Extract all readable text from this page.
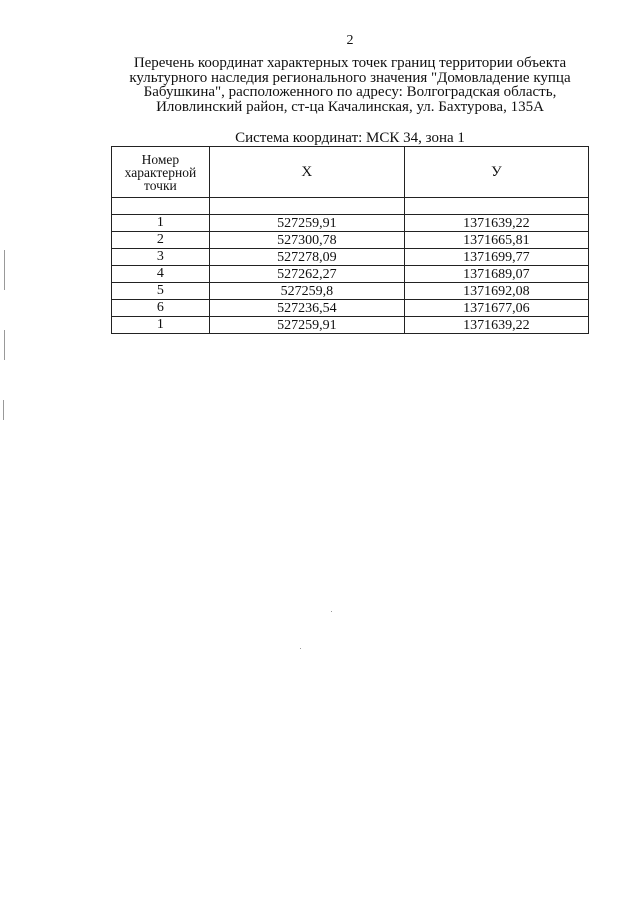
2
Перечень координат характерных точек границ территории объекта
культурного наследия регионального значения "Домовладение купца
Бабушкина", расположенного по адресу: Волгоградская область,
Иловлинский район, ст-ца Качалинская, ул. Бахтурова, 135А
Система координат: МСК 34, зона 1
Номер
характерной
точки	X	У

1	527259,91	1371639,22
2	527300,78	1371665,81
3	527278,09	1371699,77
4	527262,27	1371689,07
5	527259,8	1371692,08
6	527236,54	1371677,06
1	527259,91	1371639,22
